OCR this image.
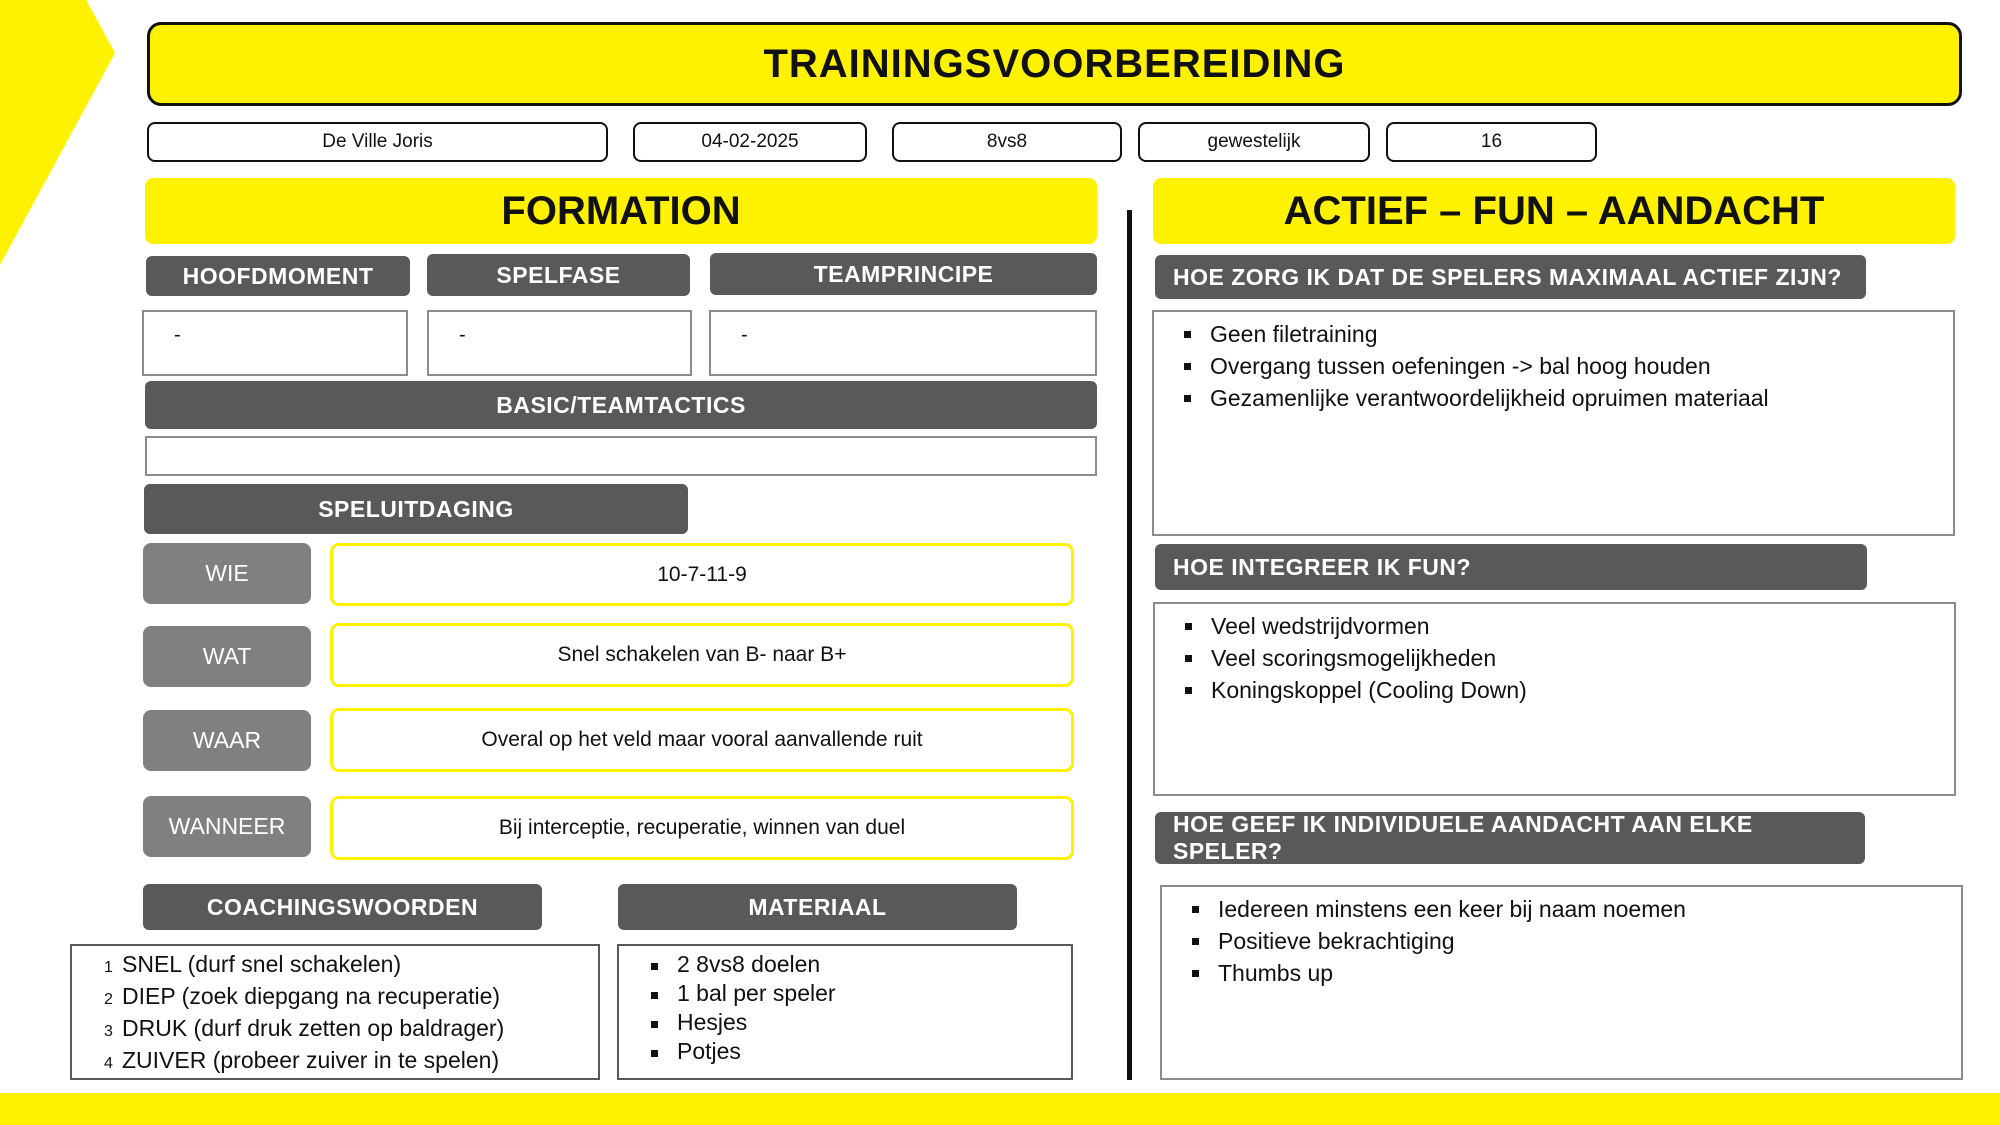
TRAININGSVOORBEREIDING
De Ville Joris	04-02-2025	8vs8	gewestelijk	16
FORMATION
HOOFDMOMENT	SPELFASE	TEAMPRINCIPE
-	-	-
BASIC/TEAMTACTICS
SPELUITDAGING
WIE	10-7-11-9
WAT	Snel schakelen van B- naar B+
WAAR	Overal op het veld maar vooral aanvallende ruit
WANNEER	Bij interceptie, recuperatie, winnen van duel
COACHINGSWOORDEN	MATERIAAL
1 SNEL (durf snel schakelen)
2 DIEP (zoek diepgang na recuperatie)
3 DRUK (durf druk zetten op baldrager)
4 ZUIVER (probeer zuiver in te spelen)
2 8vs8 doelen
1 bal per speler
Hesjes
Potjes
ACTIEF – FUN – AANDACHT
HOE ZORG IK DAT DE SPELERS MAXIMAAL ACTIEF ZIJN?
Geen filetraining
Overgang tussen oefeningen -> bal hoog houden
Gezamenlijke verantwoordelijkheid opruimen materiaal
HOE INTEGREER IK FUN?
Veel wedstrijdvormen
Veel scoringsmogelijkheden
Koningskoppel (Cooling Down)
HOE GEEF IK INDIVIDUELE AANDACHT AAN ELKE SPELER?
Iedereen minstens een keer bij naam noemen
Positieve bekrachtiging
Thumbs up
